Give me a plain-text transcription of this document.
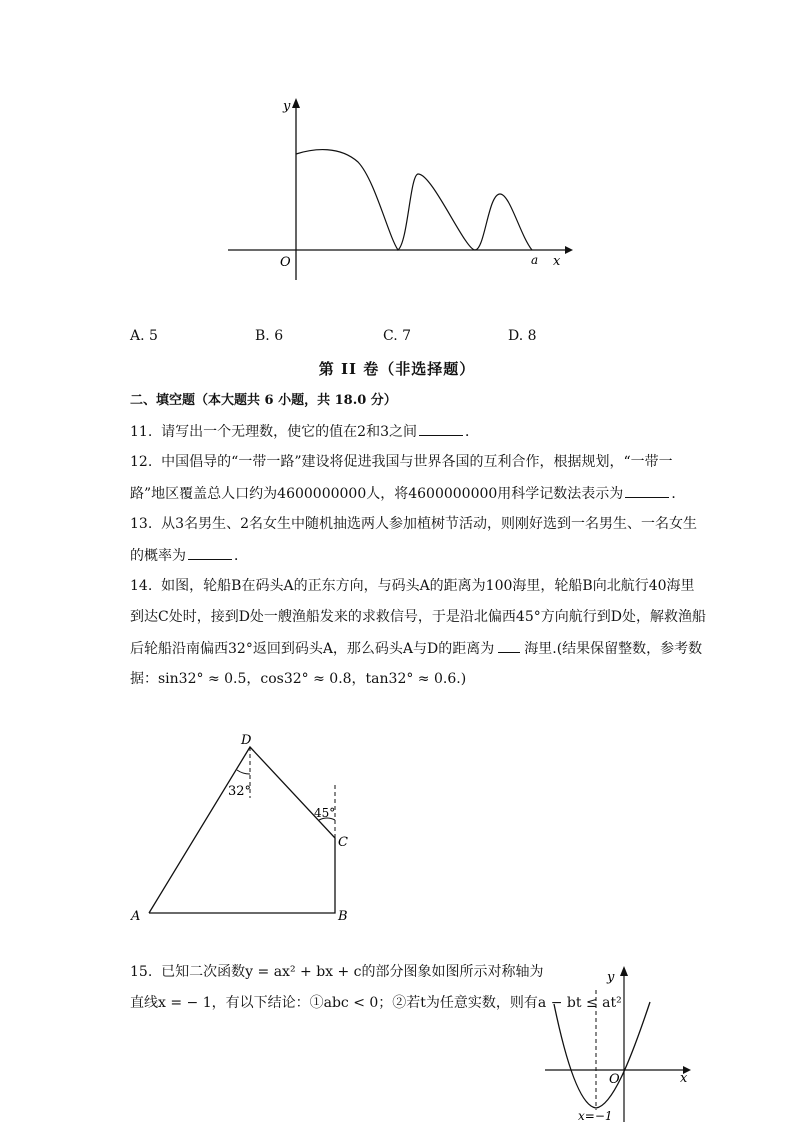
y
O	a x
A. 5	B. 6	C. 7	D. 8
第 II 卷（非选择题）
二、填空题（本大题共 6 小题，共 18.0 分）
11. 请写出一个无理数，使它的值在2和3之间	．
12. 中国倡导的“一带一路”建设将促进我国与世界各国的互利合作，根据规划，“一带一
路”地区覆盖总人口约为4600000000人，将4600000000用科学记数法表示为	．
13. 从3名男生、2名女生中随机抽选两人参加植树节活动，则刚好选到一名男生、一名女生
的概率为	．
14. 如图，轮船B在码头A的正东方向，与码头A的距离为100海里，轮船B向北航行40海里
到达C处时，接到D处一艘渔船发来的求救信号，于是沿北偏西45°方向航行到D处，解救渔船
后轮船沿南偏西32°返回到码头A，那么码头A与D的距离为 海里.(结果保留整数，参考数
据：sin32° ≈ 0.5，cos32° ≈ 0.8，tan32° ≈ 0.6.)
D
C
A	B
32°
45°
15. 已知二次函数y = ax² + bx + c的部分图象如图所示对称轴为
直线x = − 1，有以下结论：①abc < 0；②若t为任意实数，则有a − bt ≤ at²
y
x
O
x=−1
